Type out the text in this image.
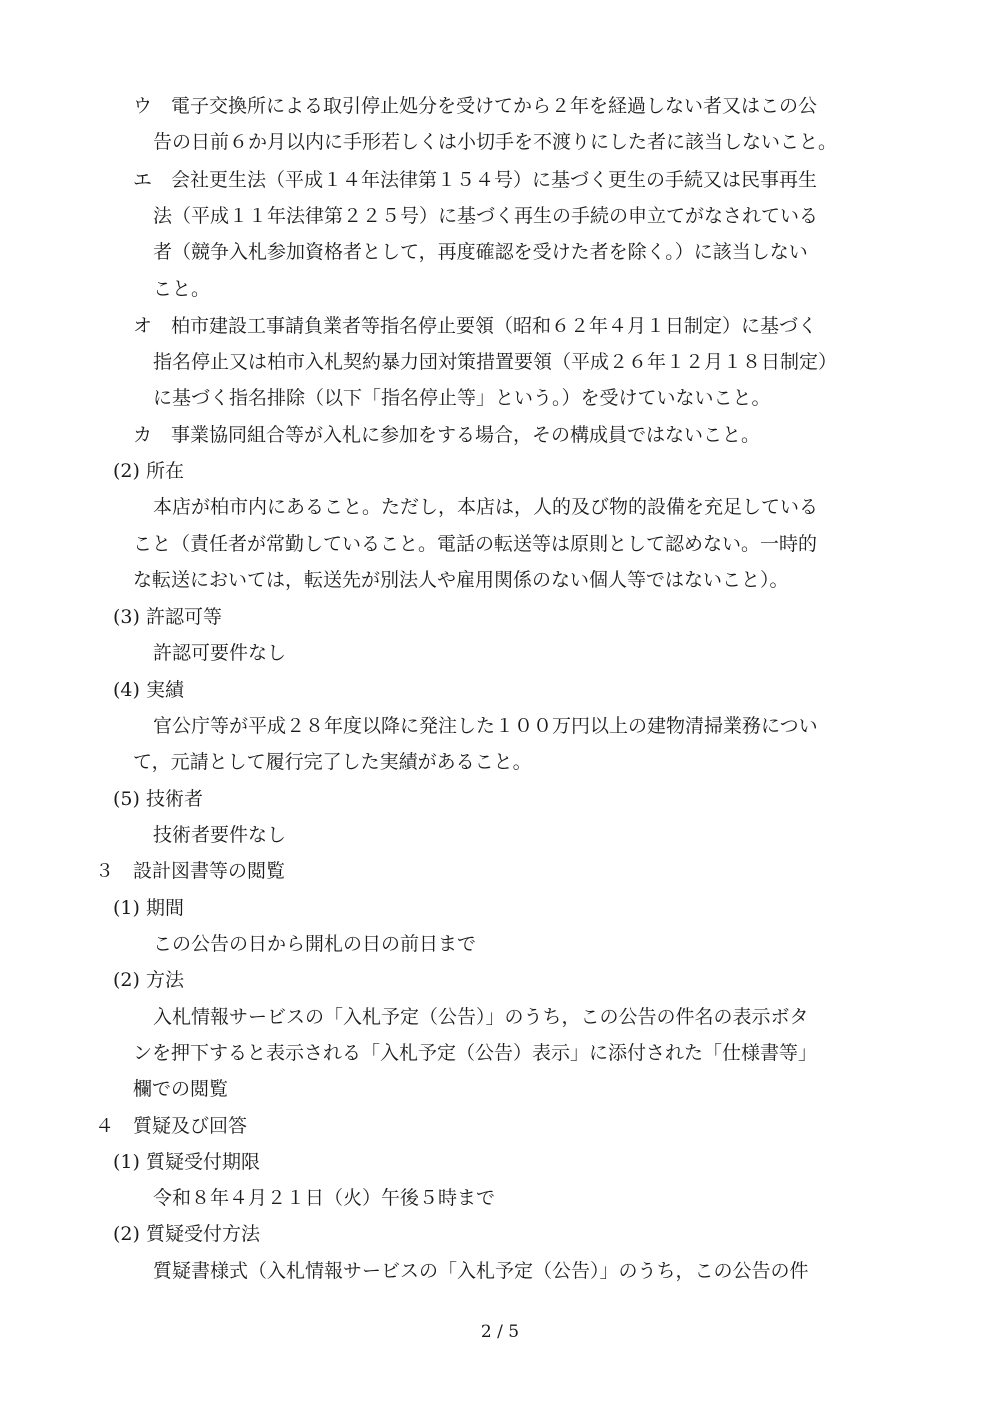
ウ　電子交換所による取引停止処分を受けてから２年を経過しない者又はこの公
告の日前６か月以内に手形若しくは小切手を不渡りにした者に該当しないこと。
エ　会社更生法（平成１４年法律第１５４号）に基づく更生の手続又は民事再生
法（平成１１年法律第２２５号）に基づく再生の手続の申立てがなされている
者（競争入札参加資格者として，再度確認を受けた者を除く。）に該当しない
こと。
オ　柏市建設工事請負業者等指名停止要領（昭和６２年４月１日制定）に基づく
指名停止又は柏市入札契約暴力団対策措置要領（平成２６年１２月１８日制定）
に基づく指名排除（以下「指名停止等」という。）を受けていないこと。
カ　事業協同組合等が入札に参加をする場合，その構成員ではないこと。
(2) 所在
本店が柏市内にあること。ただし，本店は，人的及び物的設備を充足している
こと（責任者が常勤していること。電話の転送等は原則として認めない。一時的
な転送においては，転送先が別法人や雇用関係のない個人等ではないこと）。
(3) 許認可等
許認可要件なし
(4) 実績
官公庁等が平成２８年度以降に発注した１００万円以上の建物清掃業務につい
て，元請として履行完了した実績があること。
(5) 技術者
技術者要件なし
３　設計図書等の閲覧
(1) 期間
この公告の日から開札の日の前日まで
(2) 方法
入札情報サービスの「入札予定（公告）」のうち，この公告の件名の表示ボタ
ンを押下すると表示される「入札予定（公告）表示」に添付された「仕様書等」
欄での閲覧
４　質疑及び回答
(1) 質疑受付期限
令和８年４月２１日（火）午後５時まで
(2) 質疑受付方法
質疑書様式（入札情報サービスの「入札予定（公告）」のうち，この公告の件
2 / 5
